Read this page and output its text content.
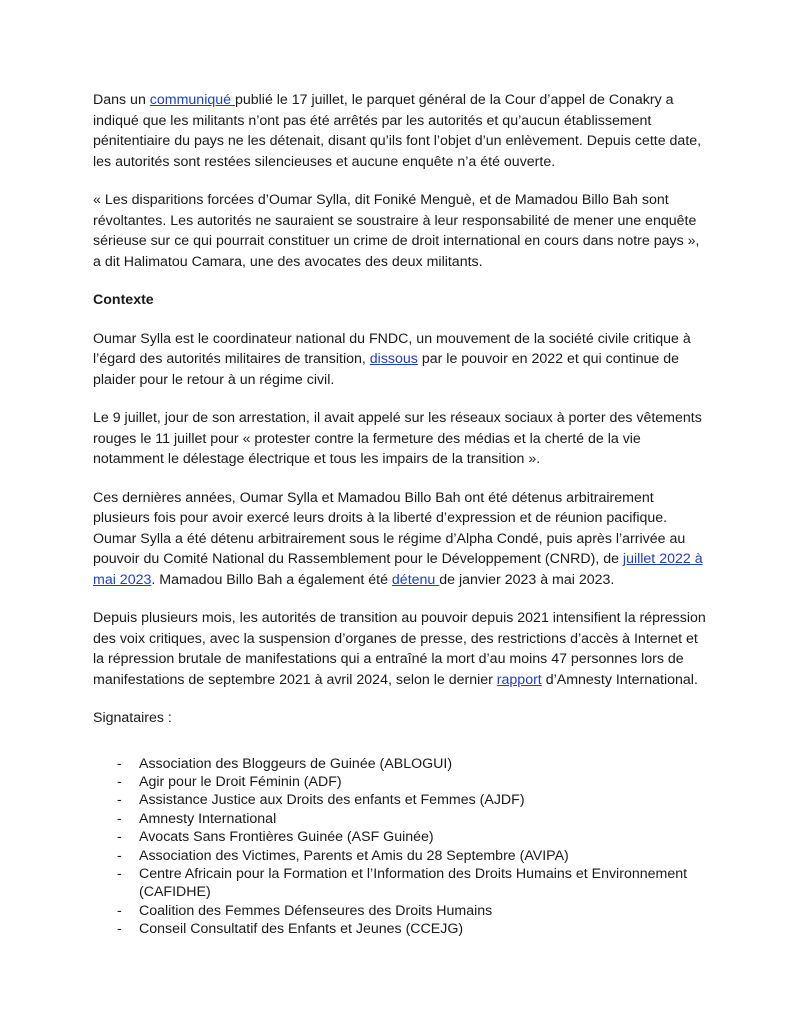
Dans un communiqué publié le 17 juillet, le parquet général de la Cour d’appel de Conakry a indiqué que les militants n’ont pas été arrêtés par les autorités et qu’aucun établissement pénitentiaire du pays ne les détenait, disant qu’ils font l’objet d’un enlèvement. Depuis cette date, les autorités sont restées silencieuses et aucune enquête n’a été ouverte.

« Les disparitions forcées d’Oumar Sylla, dit Foniké Menguè, et de Mamadou Billo Bah sont révoltantes. Les autorités ne sauraient se soustraire à leur responsabilité de mener une enquête sérieuse sur ce qui pourrait constituer un crime de droit international en cours dans notre pays », a dit Halimatou Camara, une des avocates des deux militants.

Contexte

Oumar Sylla est le coordinateur national du FNDC, un mouvement de la société civile critique à l’égard des autorités militaires de transition, dissous par le pouvoir en 2022 et qui continue de plaider pour le retour à un régime civil.

Le 9 juillet, jour de son arrestation, il avait appelé sur les réseaux sociaux à porter des vêtements rouges le 11 juillet pour « protester contre la fermeture des médias et la cherté de la vie notamment le délestage électrique et tous les impairs de la transition ».

Ces dernières années, Oumar Sylla et Mamadou Billo Bah ont été détenus arbitrairement plusieurs fois pour avoir exercé leurs droits à la liberté d’expression et de réunion pacifique. Oumar Sylla a été détenu arbitrairement sous le régime d’Alpha Condé, puis après l’arrivée au pouvoir du Comité National du Rassemblement pour le Développement (CNRD), de juillet 2022 à mai 2023. Mamadou Billo Bah a également été détenu de janvier 2023 à mai 2023.

Depuis plusieurs mois, les autorités de transition au pouvoir depuis 2021 intensifient la répression des voix critiques, avec la suspension d’organes de presse, des restrictions d’accès à Internet et la répression brutale de manifestations qui a entraîné la mort d’au moins 47 personnes lors de manifestations de septembre 2021 à avril 2024, selon le dernier rapport d’Amnesty International.

Signataires :

- Association des Bloggeurs de Guinée (ABLOGUI)
- Agir pour le Droit Féminin (ADF)
- Assistance Justice aux Droits des enfants et Femmes (AJDF)
- Amnesty International
- Avocats Sans Frontières Guinée (ASF Guinée)
- Association des Victimes, Parents et Amis du 28 Septembre (AVIPA)
- Centre Africain pour la Formation et l’Information des Droits Humains et Environnement (CAFIDHE)
- Coalition des Femmes Défenseures des Droits Humains
- Conseil Consultatif des Enfants et Jeunes (CCEJG)
